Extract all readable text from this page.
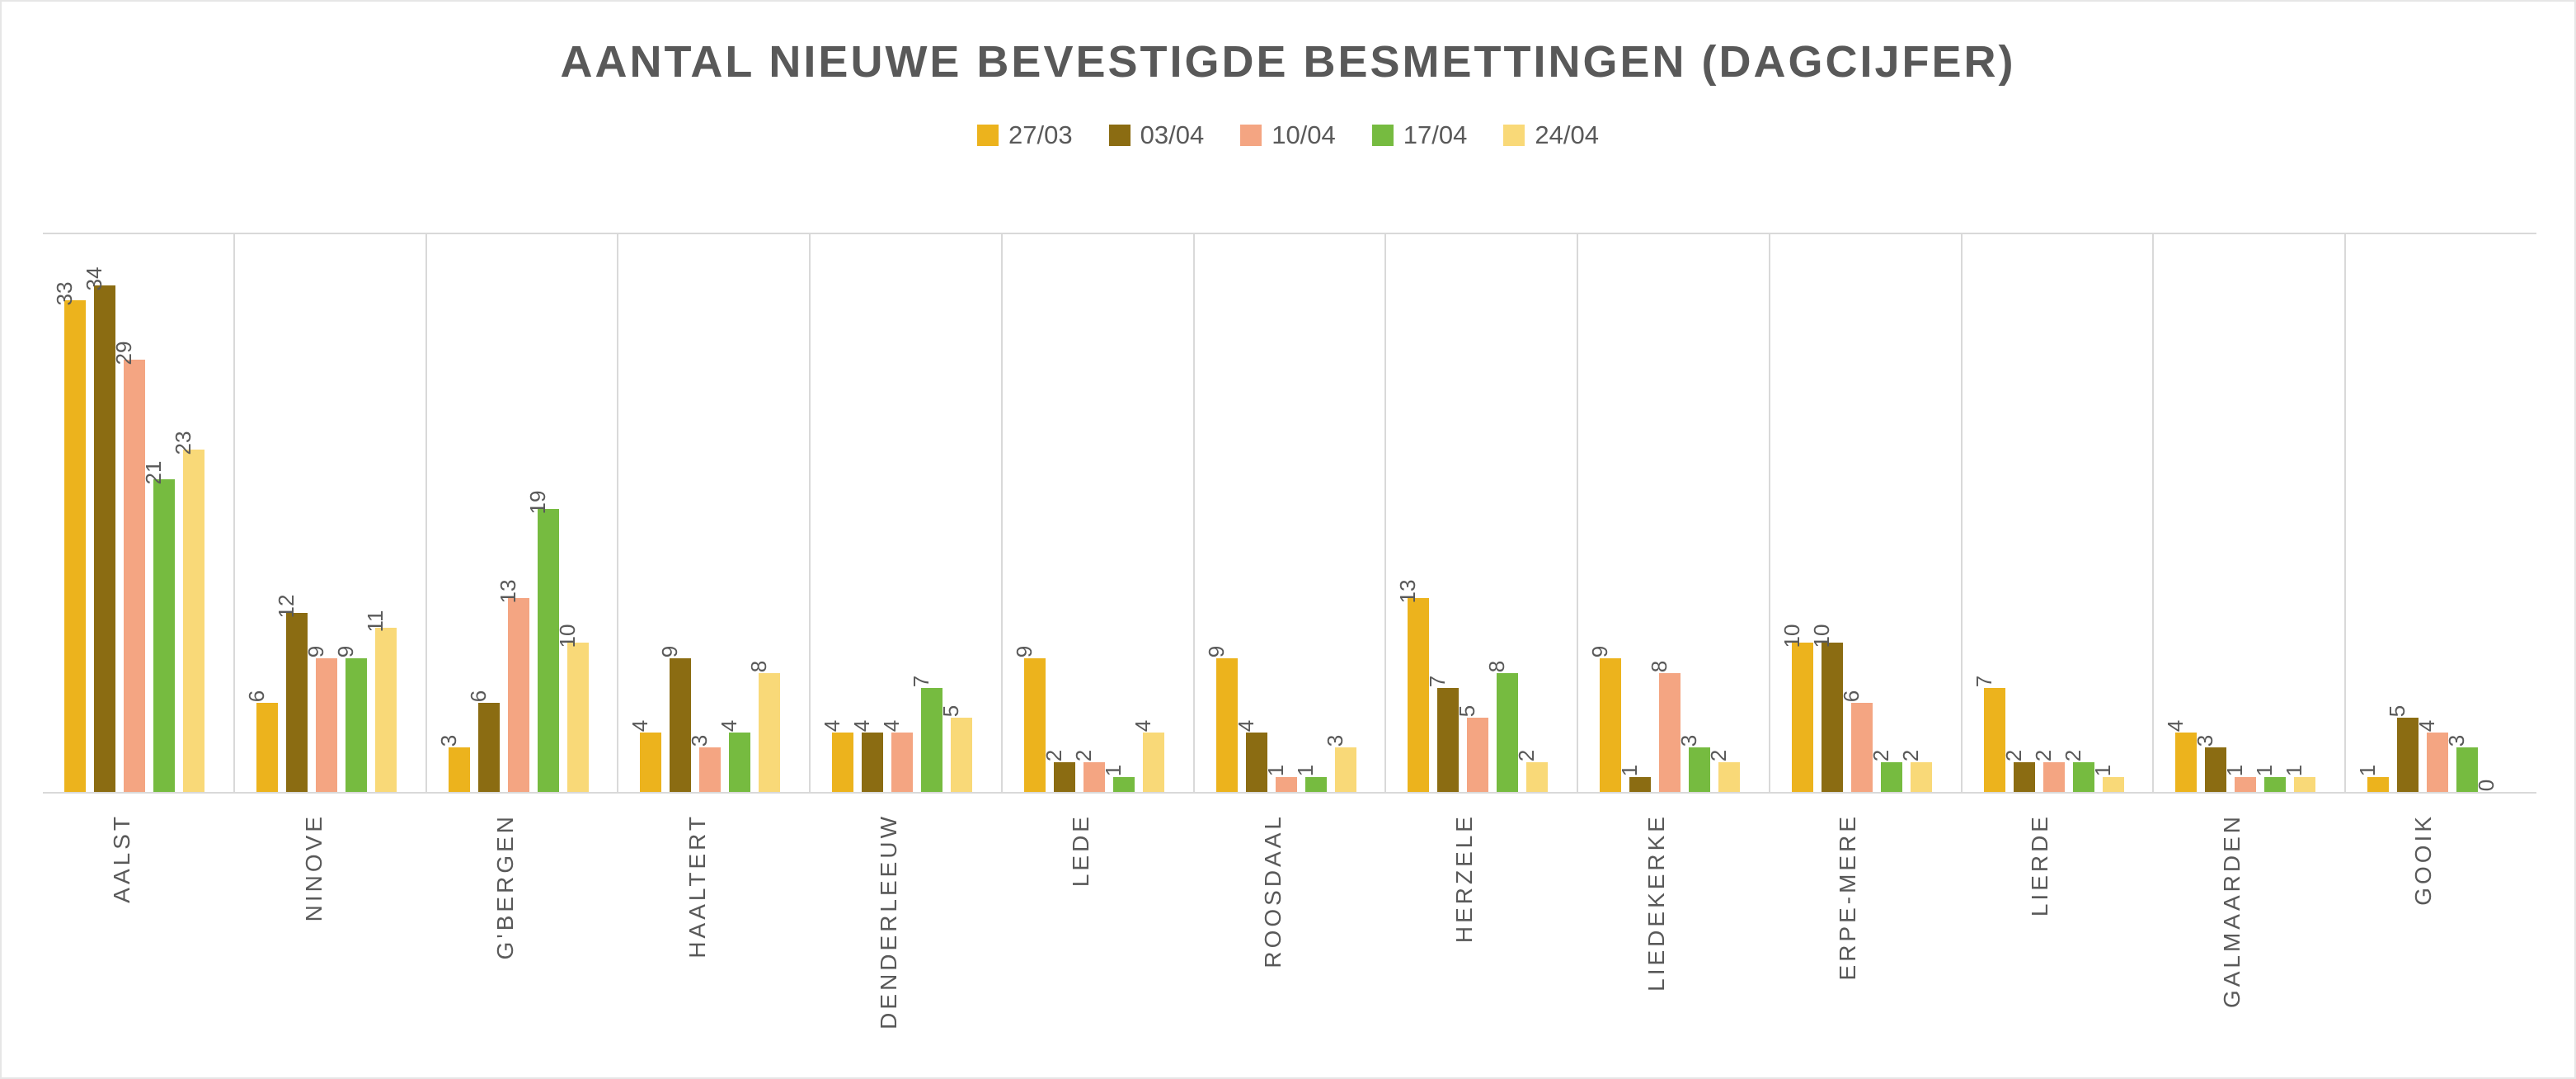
AANTAL NIEUWE BEVESTIGDE BESMETTINGEN (DAGCIJFER)
27/03	03/04	10/04	17/04	24/04
33
34
29
21
23
6
12
9 9
11
3
6
13
19
10
4
9
3
4
8
4 4 4
7
5
9
2 2
1
4
9
4
1 1
3
13
7
5
8
2
9
1
8
3
2
10 10
6
2 2
7
2 2 2
1
4
3
1 1 1 1
5
4
3
0
AALST	NINOVE	G'BERGEN	HAALTERT	DENDERLEEUW	LEDE	ROOSDAAL	HERZELE	LIEDEKERKE	ERPE-MERE	LIERDE	GALMAARDEN	GOOIK
